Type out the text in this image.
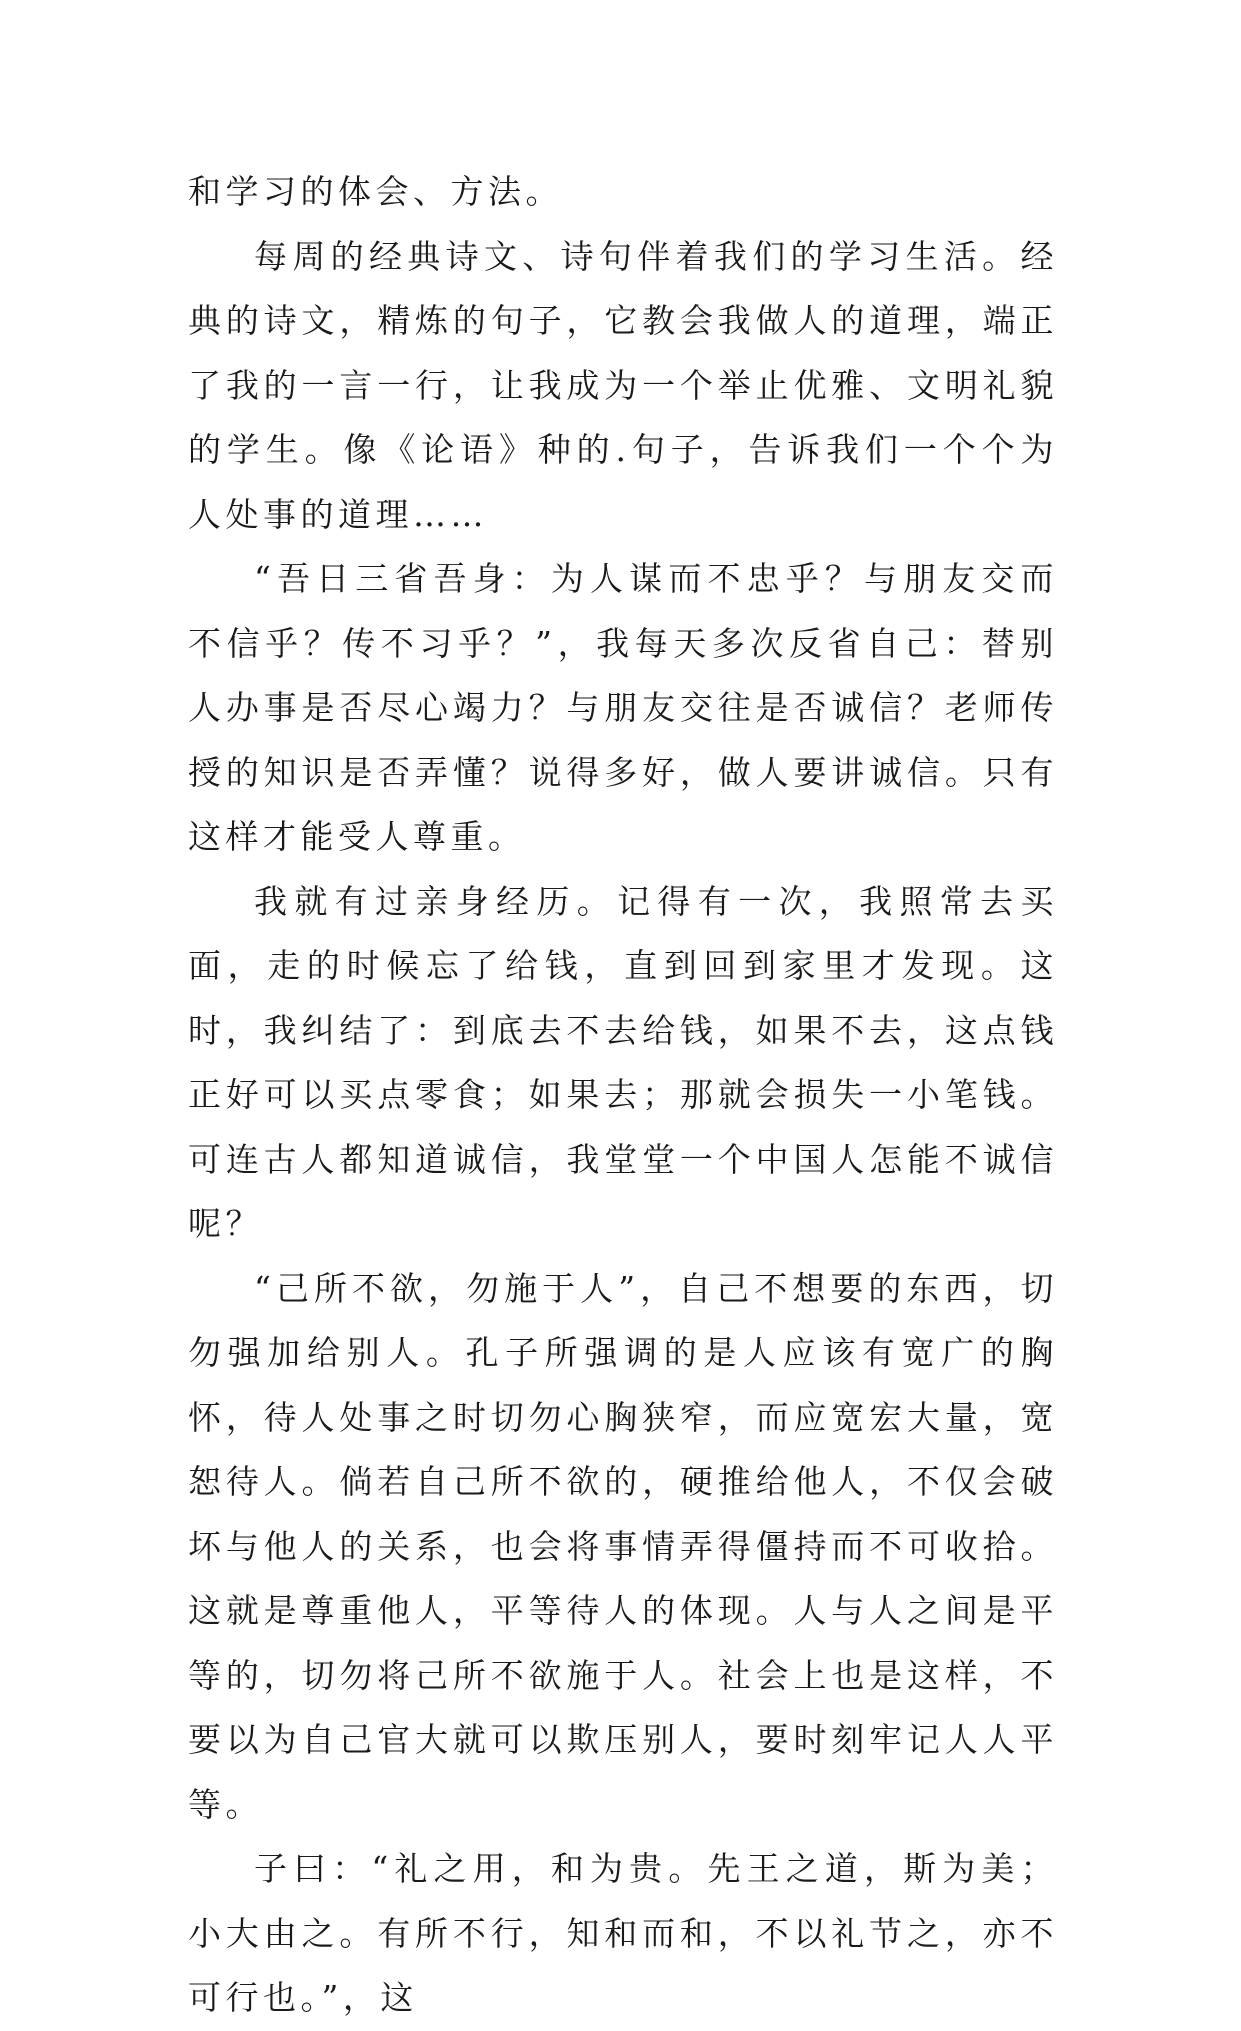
和学习的体会、方法。

每周的经典诗文、诗句伴着我们的学习生活。经典的诗文，精炼的句子，它教会我做人的道理，端正了我的一言一行，让我成为一个举止优雅、文明礼貌的学生。像《论语》种的.句子，告诉我们一个个为人处事的道理……

“吾日三省吾身：为人谋而不忠乎？与朋友交而不信乎？传不习乎？”，我每天多次反省自己：替别人办事是否尽心竭力？与朋友交往是否诚信？老师传授的知识是否弄懂？说得多好，做人要讲诚信。只有这样才能受人尊重。

我就有过亲身经历。记得有一次，我照常去买面，走的时候忘了给钱，直到回到家里才发现。这时，我纠结了：到底去不去给钱，如果不去，这点钱正好可以买点零食；如果去；那就会损失一小笔钱。可连古人都知道诚信，我堂堂一个中国人怎能不诚信呢？

“己所不欲，勿施于人”，自己不想要的东西，切勿强加给别人。孔子所强调的是人应该有宽广的胸怀，待人处事之时切勿心胸狭窄，而应宽宏大量，宽恕待人。倘若自己所不欲的，硬推给他人，不仅会破坏与他人的关系，也会将事情弄得僵持而不可收拾。这就是尊重他人，平等待人的体现。人与人之间是平等的，切勿将己所不欲施于人。社会上也是这样，不要以为自己官大就可以欺压别人，要时刻牢记人人平等。

子曰：“礼之用，和为贵。先王之道，斯为美；小大由之。有所不行，知和而和，不以礼节之，亦不可行也。”，这
